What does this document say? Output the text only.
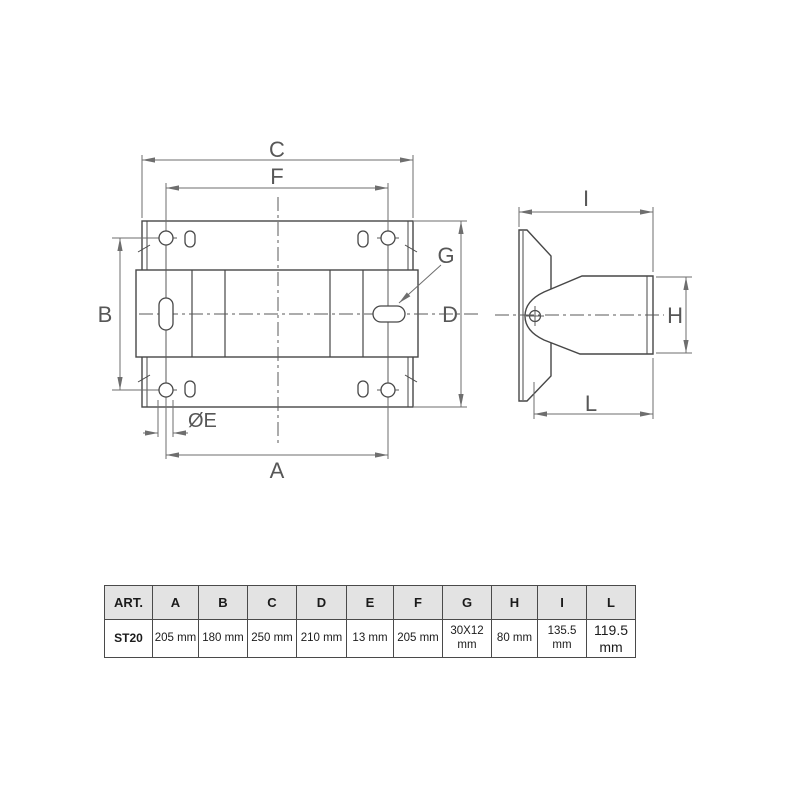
C
F
B	D
A
ØE
G
I
H
L
ART.	A	B	C	D	E	F	G	H	I	L
ST20	205 mm	180 mm	250 mm	210 mm	13 mm	205 mm	30X12 mm	80 mm	135.5 mm	119.5 mm
